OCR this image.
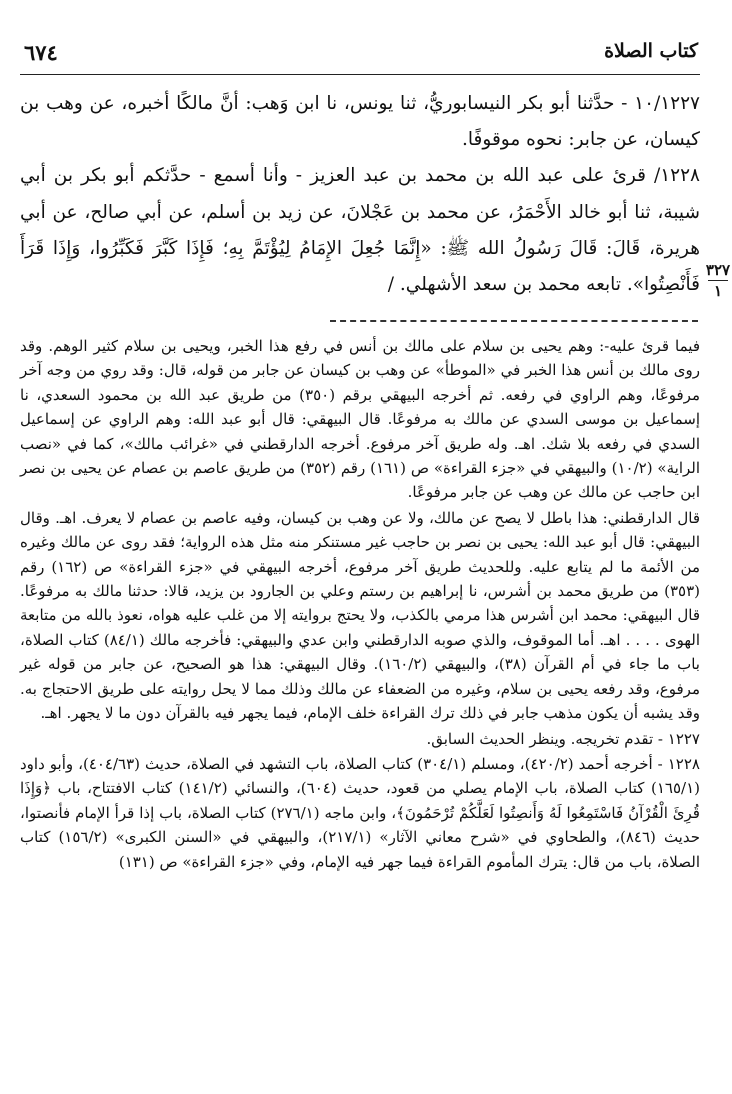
٦٧٤	كتاب الصلاة

١٠/١٢٢٧ - حدَّثنا أبو بكر النيسابوريُّ، ثنا يونس، نا ابن وَهب: أنَّ مالكًا أخبره، عن وهب بن كيسان، عن جابر: نحوه موقوفًا.

١٢٢٨/ قرئ على عبد الله بن محمد بن عبد العزيز - وأنا أسمع - حدَّثكم أبو بكر بن أبي شيبة، ثنا أبو خالد الأَحْمَرُ، عن محمد بن عَجْلانَ، عن زيد بن أسلم، عن أبي صالح، عن أبي هريرة، قَالَ: قَالَ رَسُولُ الله ﷺ: «إِنَّمَا جُعِلَ الإِمَامُ لِيُؤْتَمَّ بِهِ؛ فَإِذَا كَبَّرَ فَكَبِّرُوا، وَإِذَا قَرَأَ فَأَنْصِتُوا». تابعه محمد بن سعد الأشهلي. /

٣٢٧
١

فيما قرئ عليه-: وهم يحيى بن سلام على مالك بن أنس في رفع هذا الخبر، ويحيى بن سلام كثير الوهم. وقد روى مالك بن أنس هذا الخبر في «الموطأ» عن وهب بن كيسان عن جابر من قوله، قال: وقد روي من وجه آخر مرفوعًا، وهم الراوي في رفعه. ثم أخرجه البيهقي برقم (٣٥٠) من طريق عبد الله بن محمود السعدي، نا إسماعيل بن موسى السدي عن مالك به مرفوعًا. قال البيهقي: قال أبو عبد الله: وهم الراوي عن إسماعيل السدي في رفعه بلا شك. اهـ. وله طريق آخر مرفوع. أخرجه الدارقطني في «غرائب مالك»، كما في «نصب الراية» (١٠/٢) والبيهقي في «جزء القراءة» ص (١٦١) رقم (٣٥٢) من طريق عاصم بن عصام عن يحيى بن نصر ابن حاجب عن مالك عن وهب عن جابر مرفوعًا.

قال الدارقطني: هذا باطل لا يصح عن مالك، ولا عن وهب بن كيسان، وفيه عاصم بن عصام لا يعرف. اهـ. وقال البيهقي: قال أبو عبد الله: يحيى بن نصر بن حاجب غير مستنكر منه مثل هذه الرواية؛ فقد روى عن مالك وغيره من الأئمة ما لم يتابع عليه. وللحديث طريق آخر مرفوع، أخرجه البيهقي في «جزء القراءة» ص (١٦٢) رقم (٣٥٣) من طريق محمد بن أشرس، نا إبراهيم بن رستم وعلي بن الجارود بن يزيد، قالا: حدثنا مالك به مرفوعًا. قال البيهقي: محمد ابن أشرس هذا مرمي بالكذب، ولا يحتج بروايته إلا من غلب عليه هواه، نعوذ بالله من متابعة الهوى . . . . اهـ. أما الموقوف، والذي صوبه الدارقطني وابن عدي والبيهقي: فأخرجه مالك (٨٤/١) كتاب الصلاة، باب ما جاء في أم القرآن (٣٨)، والبيهقي (١٦٠/٢). وقال البيهقي: هذا هو الصحيح، عن جابر من قوله غير مرفوع، وقد رفعه يحيى بن سلام، وغيره من الضعفاء عن مالك وذلك مما لا يحل روايته على طريق الاحتجاج به. وقد يشبه أن يكون مذهب جابر في ذلك ترك القراءة خلف الإمام، فيما يجهر فيه بالقرآن دون ما لا يجهر. اهـ.

١٢٢٧ - تقدم تخريجه. وينظر الحديث السابق.

١٢٢٨ - أخرجه أحمد (٤٢٠/٢)، ومسلم (٣٠٤/١) كتاب الصلاة، باب التشهد في الصلاة، حديث (٤٠٤/٦٣)، وأبو داود (١٦٥/١) كتاب الصلاة، باب الإمام يصلي من قعود، حديث (٦٠٤)، والنسائي (١٤١/٢) كتاب الافتتاح، باب ﴿وَإِذَا قُرِئَ الْقُرْآنُ فَاسْتَمِعُوا لَهُ وَأَنصِتُوا لَعَلَّكُمْ تُرْحَمُونَ﴾، وابن ماجه (٢٧٦/١) كتاب الصلاة، باب إذا قرأ الإمام فأنصتوا، حديث (٨٤٦)، والطحاوي في «شرح معاني الآثار» (٢١٧/١)، والبيهقي في «السنن الكبرى» (١٥٦/٢) كتاب الصلاة، باب من قال: يترك المأموم القراءة فيما جهر فيه الإمام، وفي «جزء القراءة» ص (١٣١)
